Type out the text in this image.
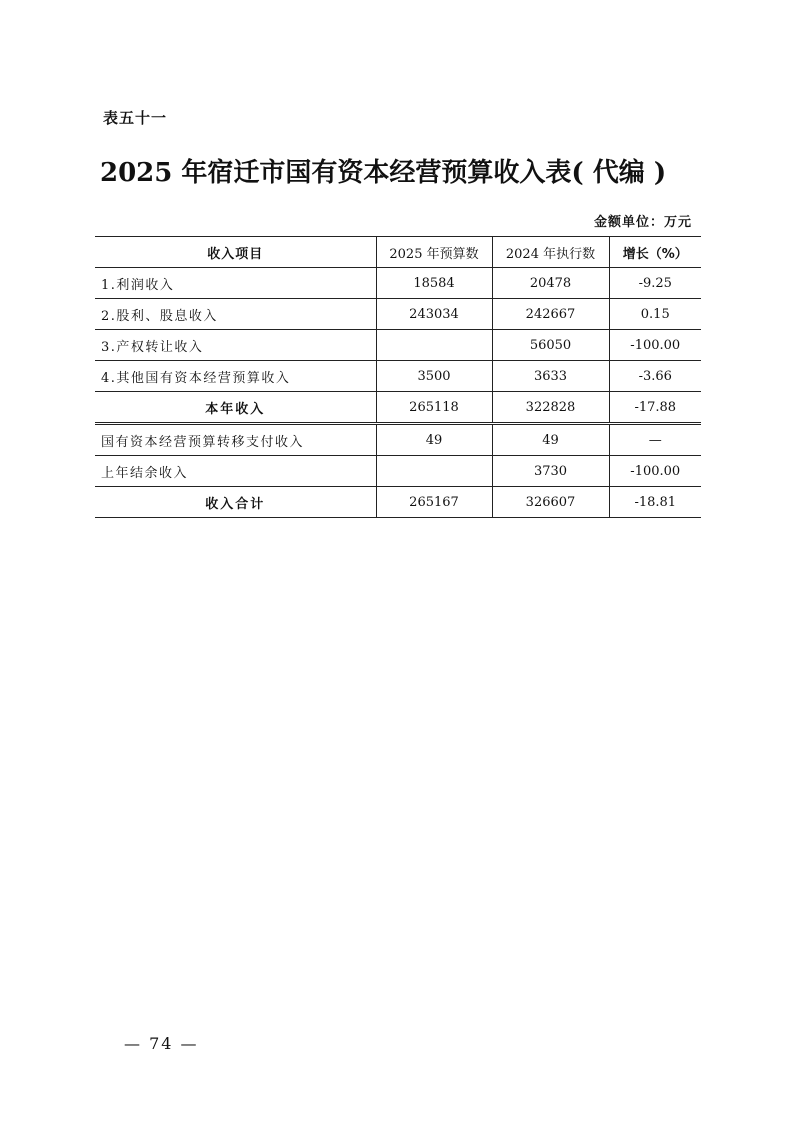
表五十一
2025 年宿迁市国有资本经营预算收入表( 代编 )
金额单位：万元
收入项目	2025 年预算数	2024 年执行数	增长（%）
1.利润收入	18584	20478	-9.25
2.股利、股息收入	243034	242667	0.15
3.产权转让收入		56050	-100.00
4.其他国有资本经营预算收入	3500	3633	-3.66
本年收入	265118	322828	-17.88
国有资本经营预算转移支付收入	49	49	—
上年结余收入		3730	-100.00
收入合计	265167	326607	-18.81
— 74 —
